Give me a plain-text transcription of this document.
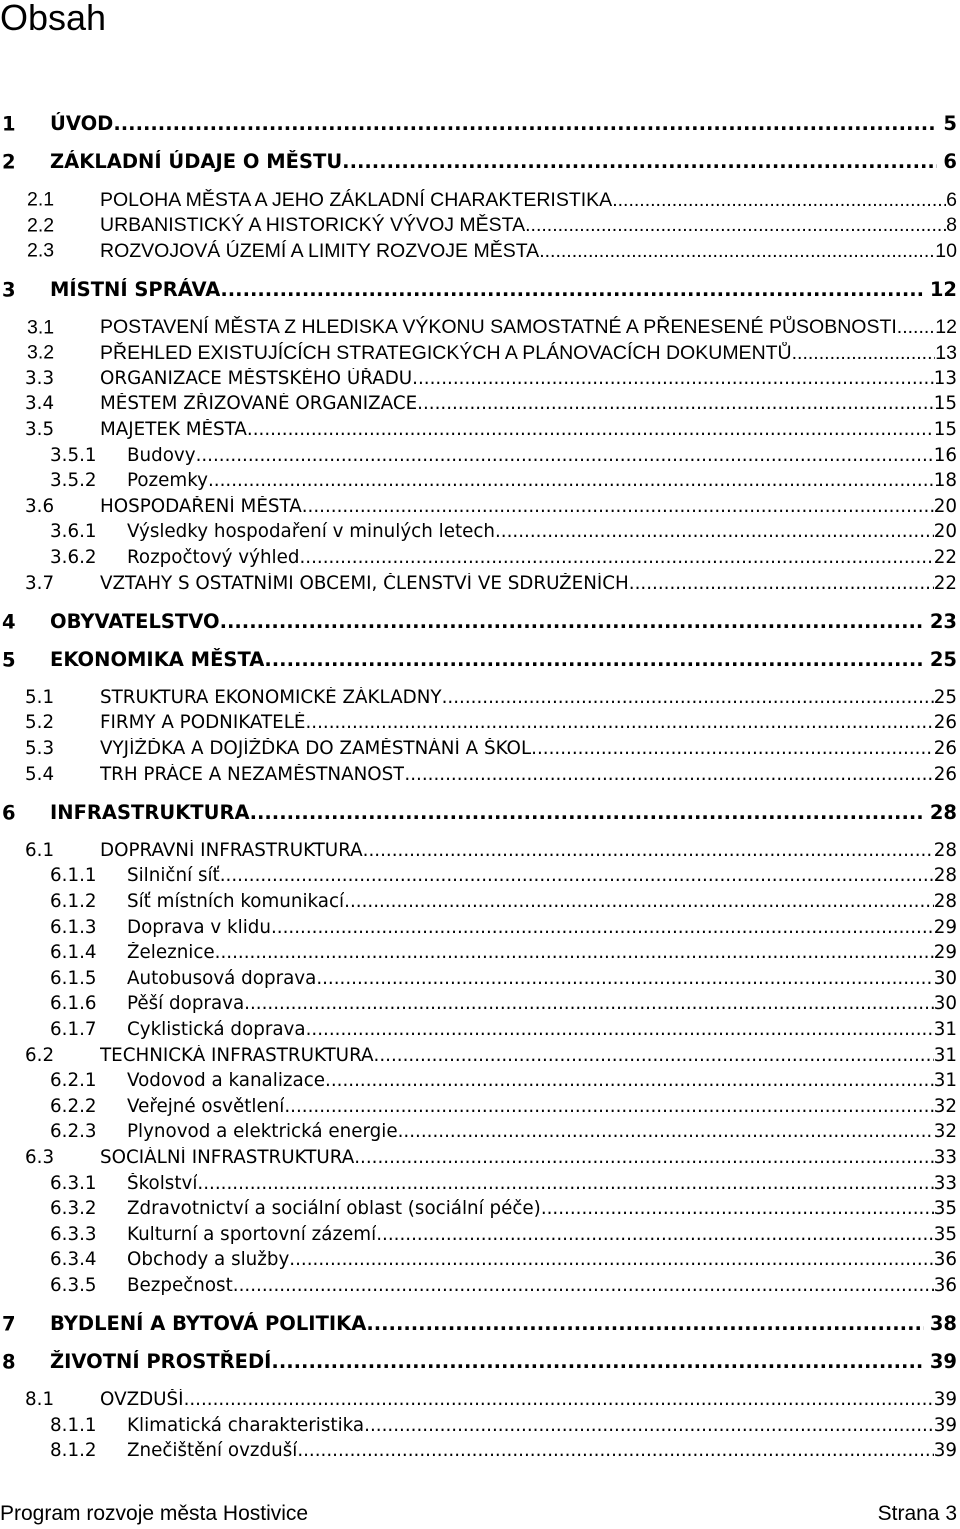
Obsah
1 ÚVOD .....	5
2 ZÁKLADNÍ ÚDAJE O MĚSTU .....	6
2.1 POLOHA MĚSTA A JEHO ZÁKLADNÍ CHARAKTERISTIKA .....	6
2.2 URBANISTICKÝ A HISTORICKÝ VÝVOJ MĚSTA .....	8
2.3 ROZVOJOVÁ ÚZEMÍ A LIMITY ROZVOJE MĚSTA .....	10
3 MÍSTNÍ SPRÁVA .....	12
3.1 POSTAVENÍ MĚSTA Z HLEDISKA VÝKONU SAMOSTATNÉ A PŘENESENÉ PŮSOBNOSTI ..... 12
3.2 PŘEHLED EXISTUJÍCÍCH STRATEGICKÝCH A PLÁNOVACÍCH DOKUMENTŮ .....	13
3.3	ORGANIZACE MĚSTSKÉHO ÚŘADU .....	13
3.4	MĚSTEM ZŘIZOVANÉ ORGANIZACE .....	15
3.5	MAJETEK MĚSTA .....	15
3.5.1 Budovy .....	16
3.5.2 Pozemky .....	18
3.6	HOSPODAŘENÍ MĚSTA .....	20
3.6.1 Výsledky hospodaření v minulých letech .....	20
3.6.2 Rozpočtový výhled .....	22
3.7	VZTAHY S OSTATNÍMI OBCEMI, ČLENSTVÍ VE SDRUŽENÍCH .....	22
4 OBYVATELSTVO .....	23
5 EKONOMIKA MĚSTA .....	25
5.1	STRUKTURA EKONOMICKÉ ZÁKLADNY .....	25
5.2	FIRMY A PODNIKATELÉ .....	26
5.3	VYJÍŽĎKA A DOJÍŽĎKA DO ZAMĚSTNÁNÍ A ŠKOL .....	26
5.4	TRH PRÁCE A NEZAMĚSTNANOST .....	26
6 INFRASTRUKTURA .....	28
6.1	DOPRAVNÍ INFRASTRUKTURA .....	28
6.1.1 Silniční síť .....	28
6.1.2 Síť místních komunikací .....	28
6.1.3 Doprava v klidu .....	29
6.1.4 Železnice .....	29
6.1.5 Autobusová doprava .....	30
6.1.6 Pěší doprava .....	30
6.1.7 Cyklistická doprava .....	31
6.2	TECHNICKÁ INFRASTRUKTURA .....	31
6.2.1 Vodovod a kanalizace .....	31
6.2.2 Veřejné osvětlení .....	32
6.2.3 Plynovod a elektrická energie .....	32
6.3	SOCIÁLNÍ INFRASTRUKTURA .....	33
6.3.1 Školství .....	33
6.3.2 Zdravotnictví a sociální oblast (sociální péče) .....	35
6.3.3 Kulturní a sportovní zázemí .....	35
6.3.4 Obchody a služby .....	36
6.3.5 Bezpečnost .....	36
7 BYDLENÍ A BYTOVÁ POLITIKA .....	38
8 ŽIVOTNÍ PROSTŘEDÍ .....	39
8.1	OVZDUŠÍ .....	39
8.1.1 Klimatická charakteristika .....	39
8.1.2 Znečištění ovzduší .....	39
Program rozvoje města Hostivice	Strana 3
